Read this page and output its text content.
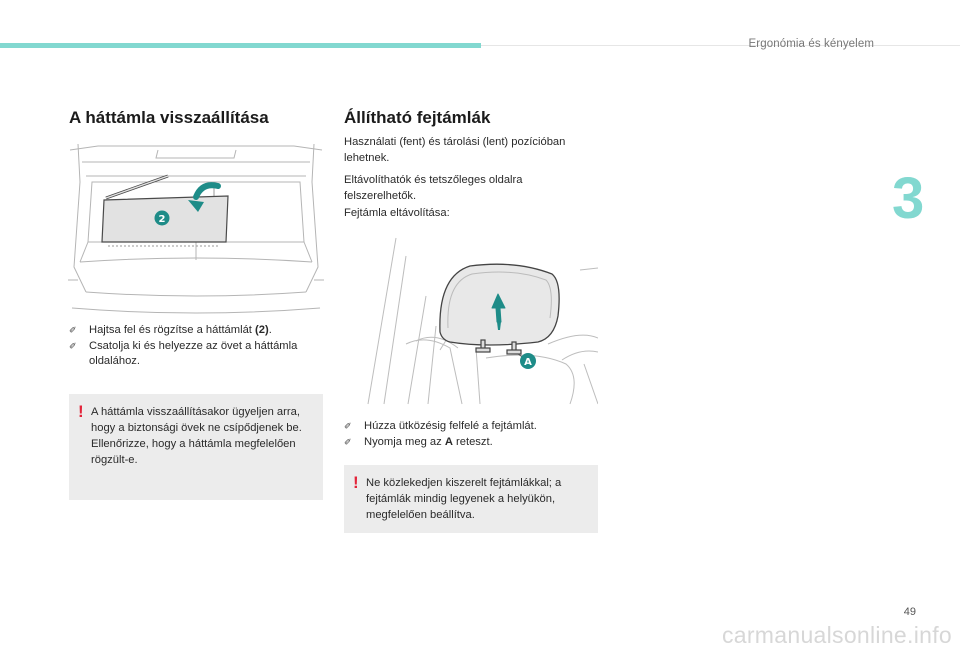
Ergonómia és kényelem
3
A háttámla visszaállítása
2
✐ Hajtsa fel és rögzítse a háttámlát (2).
✐ Csatolja ki és helyezze az övet a háttámla oldalához.
! A háttámla visszaállításakor ügyeljen arra, hogy a biztonsági övek ne csípődjenek be. Ellenőrizze, hogy a háttámla megfelelően rögzült-e.
Állítható fejtámlák

Használati (fent) és tárolási (lent) pozícióban lehetnek.

Eltávolíthatók és tetszőleges oldalra felszerelhetők.

Fejtámla eltávolítása:

A
✐ Húzza ütközésig felfelé a fejtámlát.
✐ Nyomja meg az A reteszt.
! Ne közlekedjen kiszerelt fejtámlákkal; a fejtámlák mindig legyenek a helyükön, megfelelően beállítva.
49
carmanualsonline.info
